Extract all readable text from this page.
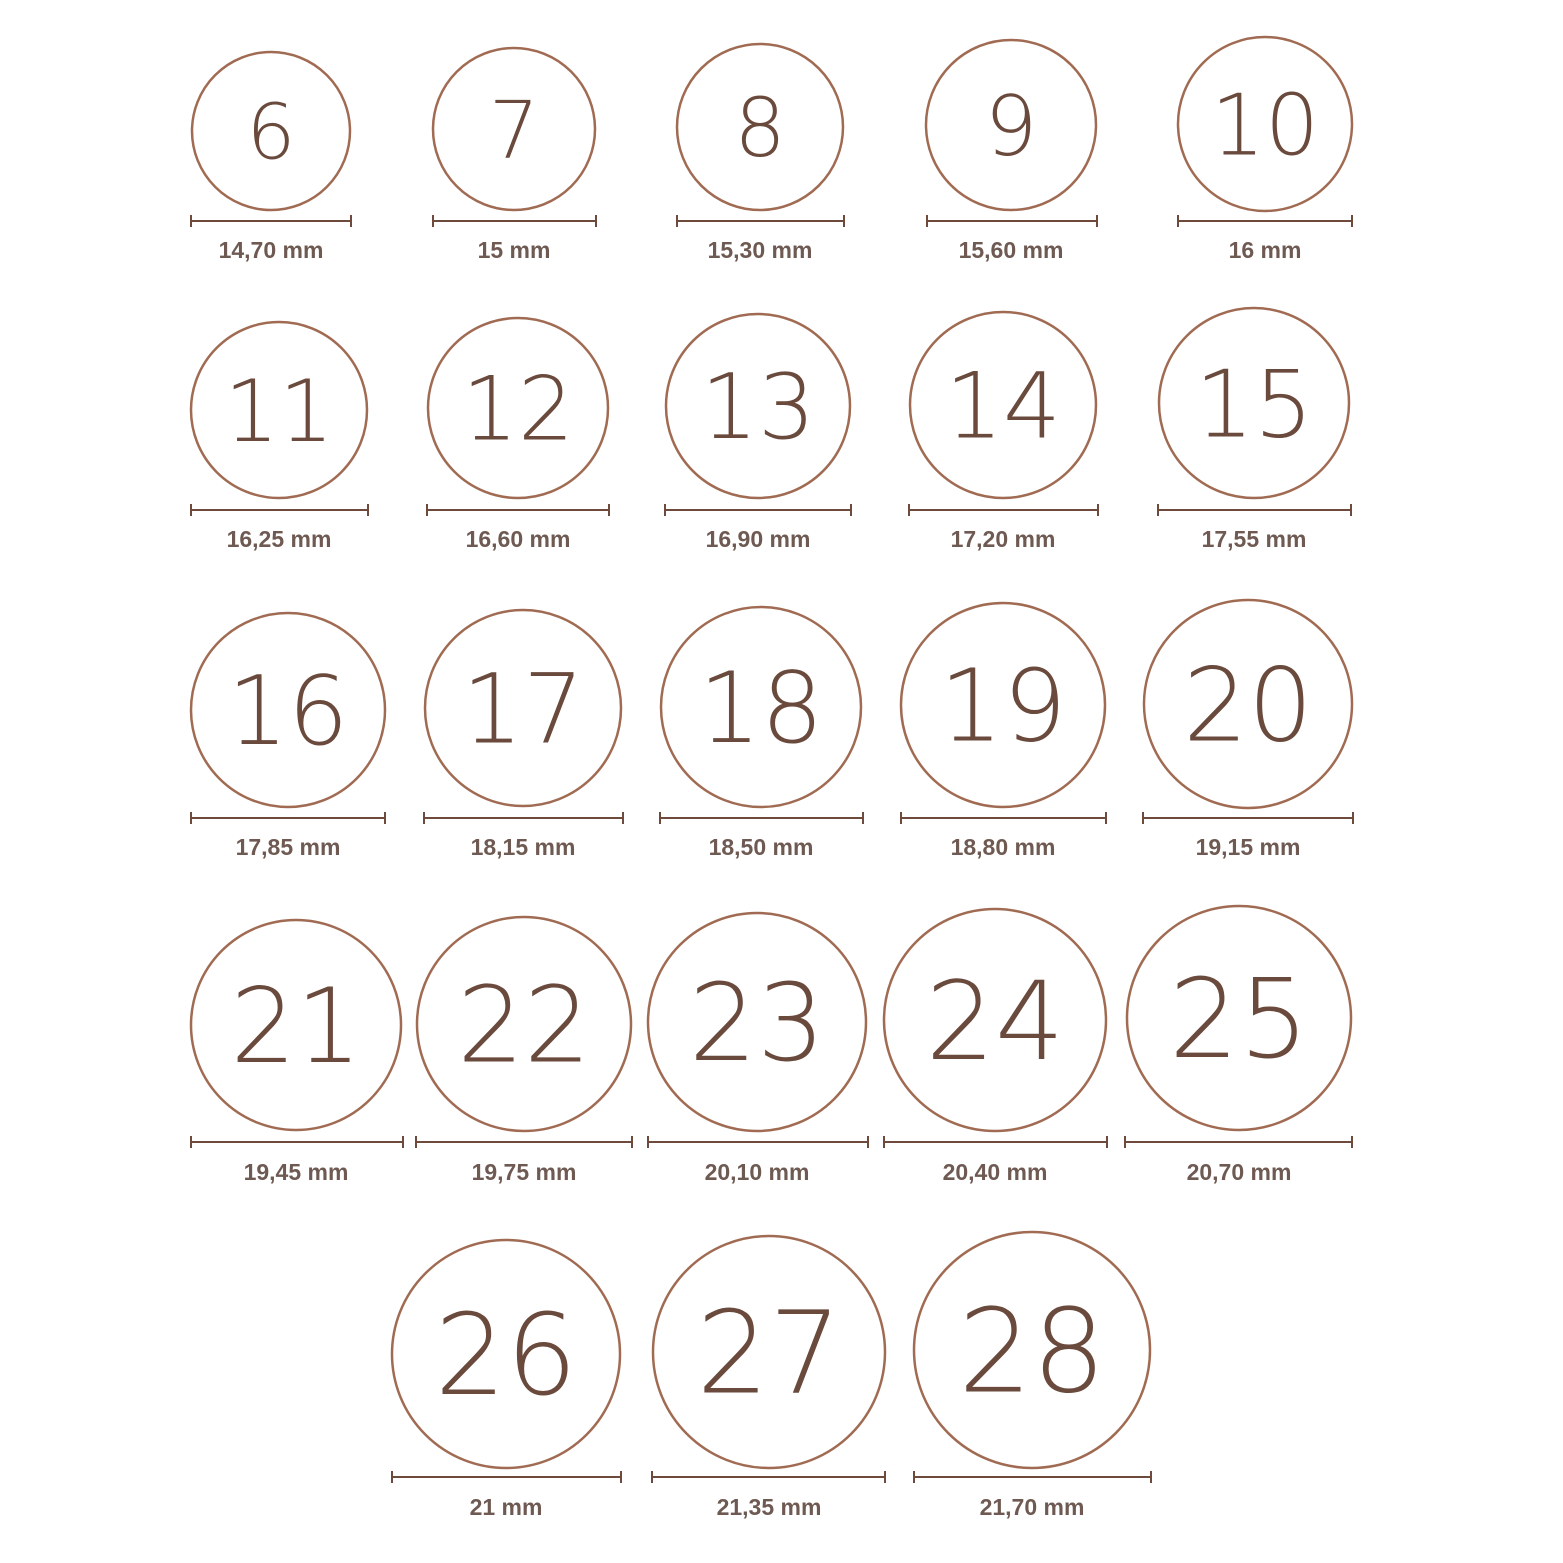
6
14,70 mm
7
15 mm
8
15,30 mm
9
15,60 mm
10
16 mm
11
16,25 mm
12
16,60 mm
13
16,90 mm
14
17,20 mm
15
17,55 mm
16
17,85 mm
17
18,15 mm
18
18,50 mm
19
18,80 mm
20
19,15 mm
21
19,45 mm
22
19,75 mm
23
20,10 mm
24
20,40 mm
25
20,70 mm
26
21 mm
27
21,35 mm
28
21,70 mm
